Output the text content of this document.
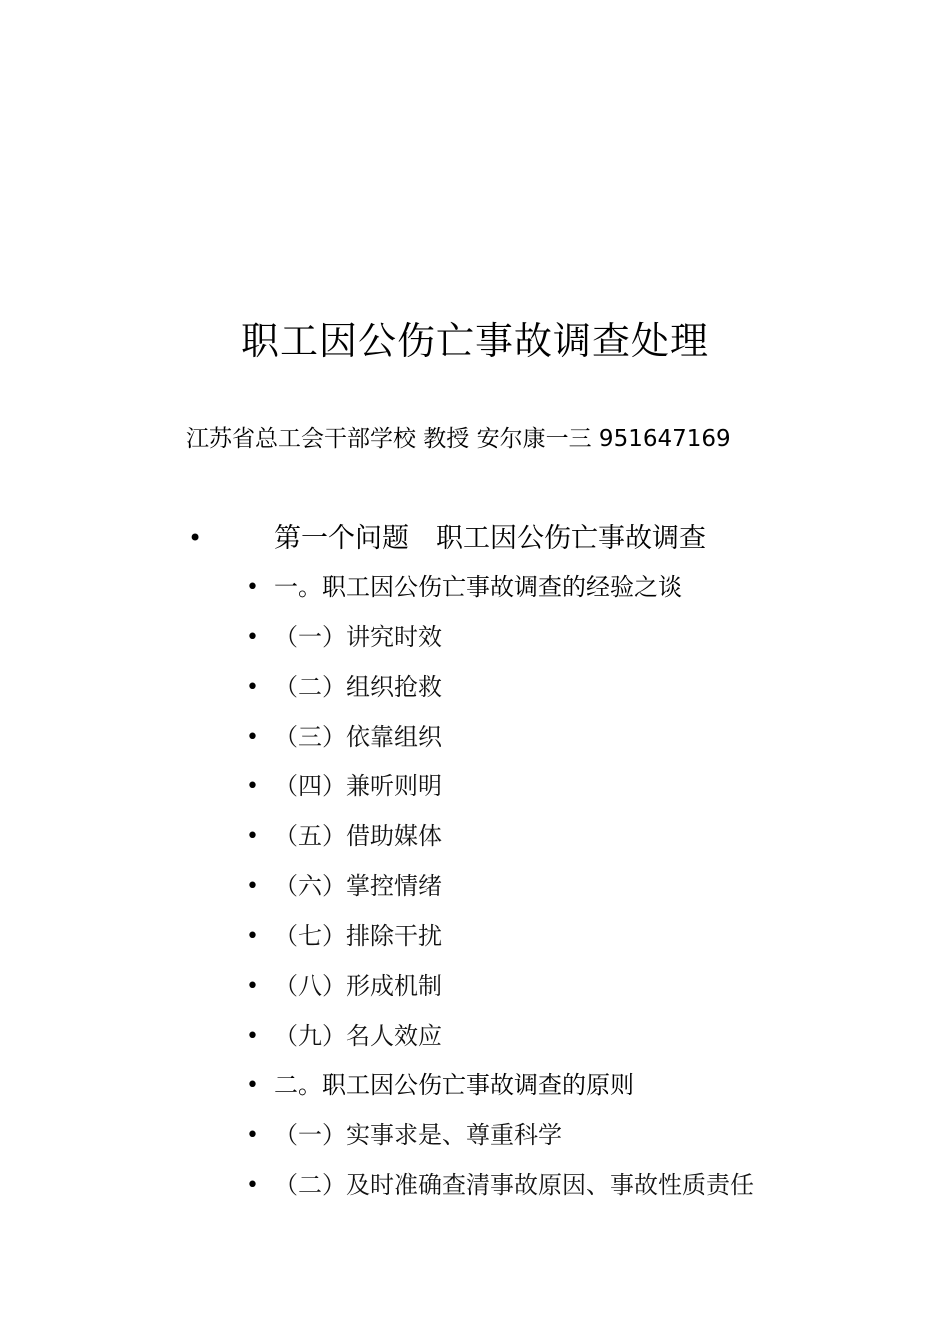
职工因公伤亡事故调查处理
江苏省总工会干部学校 教授 安尔康一三 951647169
•	第一个问题　职工因公伤亡事故调查
• 一。职工因公伤亡事故调查的经验之谈
• （一）讲究时效
• （二）组织抢救
• （三）依靠组织
• （四）兼听则明
• （五）借助媒体
• （六）掌控情绪
• （七）排除干扰
• （八）形成机制
• （九）名人效应
• 二。职工因公伤亡事故调查的原则
• （一）实事求是、尊重科学
• （二）及时准确查清事故原因、事故性质责任
